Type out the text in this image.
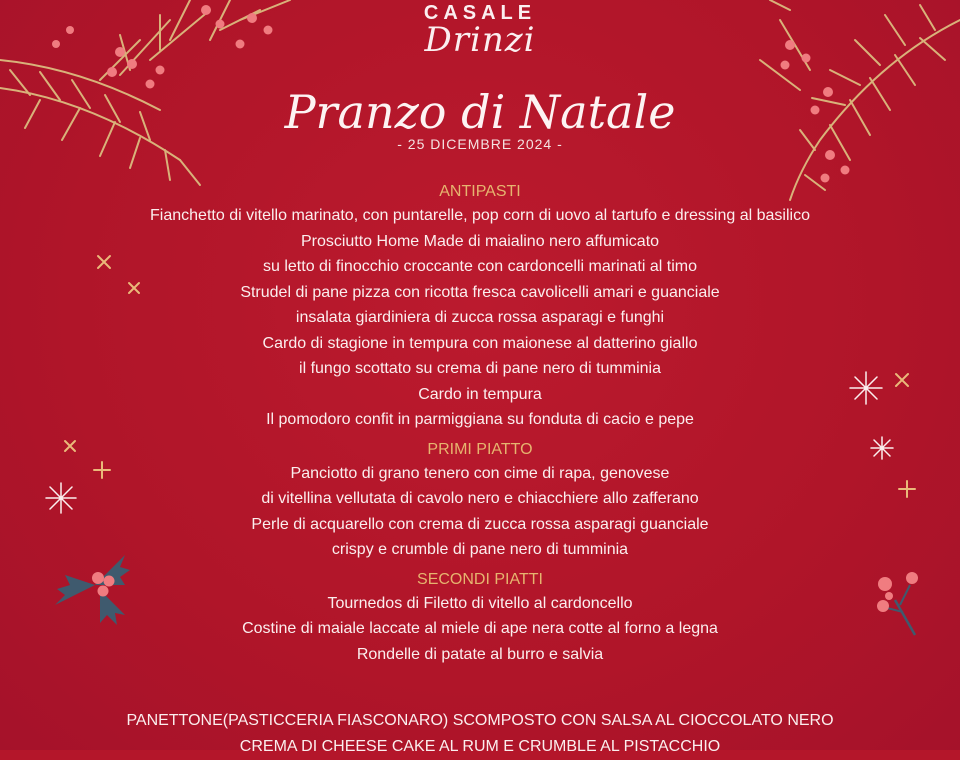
CASALE
Drinzi
Pranzo di Natale
- 25 DICEMBRE 2024 -
ANTIPASTI
Fianchetto di vitello marinato, con puntarelle, pop corn di uovo al tartufo e dressing al basilico
Prosciutto Home Made di maialino nero affumicato
su letto di finocchio croccante con cardoncelli marinati al timo
Strudel di pane pizza con ricotta fresca cavolicelli amari e guanciale
insalata giardiniera di zucca rossa asparagi e funghi
Cardo di stagione in tempura con maionese al datterino giallo
il fungo scottato su crema di pane nero di tumminia
Cardo in tempura
Il pomodoro confit in parmiggiana su fonduta di cacio e pepe
PRIMI PIATTO
Panciotto di grano tenero con cime di rapa, genovese
di vitellina vellutata di cavolo nero e chiacchiere allo zafferano
Perle di acquarello con crema di zucca rossa asparagi guanciale
crispy e crumble di pane nero di tumminia
SECONDI PIATTI
Tournedos di Filetto di vitello al cardoncello
Costine di maiale laccate al miele di ape nera cotte al forno a legna
Rondelle di patate al burro e salvia
PANETTONE(PASTICCERIA FIASCONARO) SCOMPOSTO CON SALSA AL CIOCCOLATO NERO
CREMA DI CHEESE CAKE AL RUM E CRUMBLE AL PISTACCHIO
